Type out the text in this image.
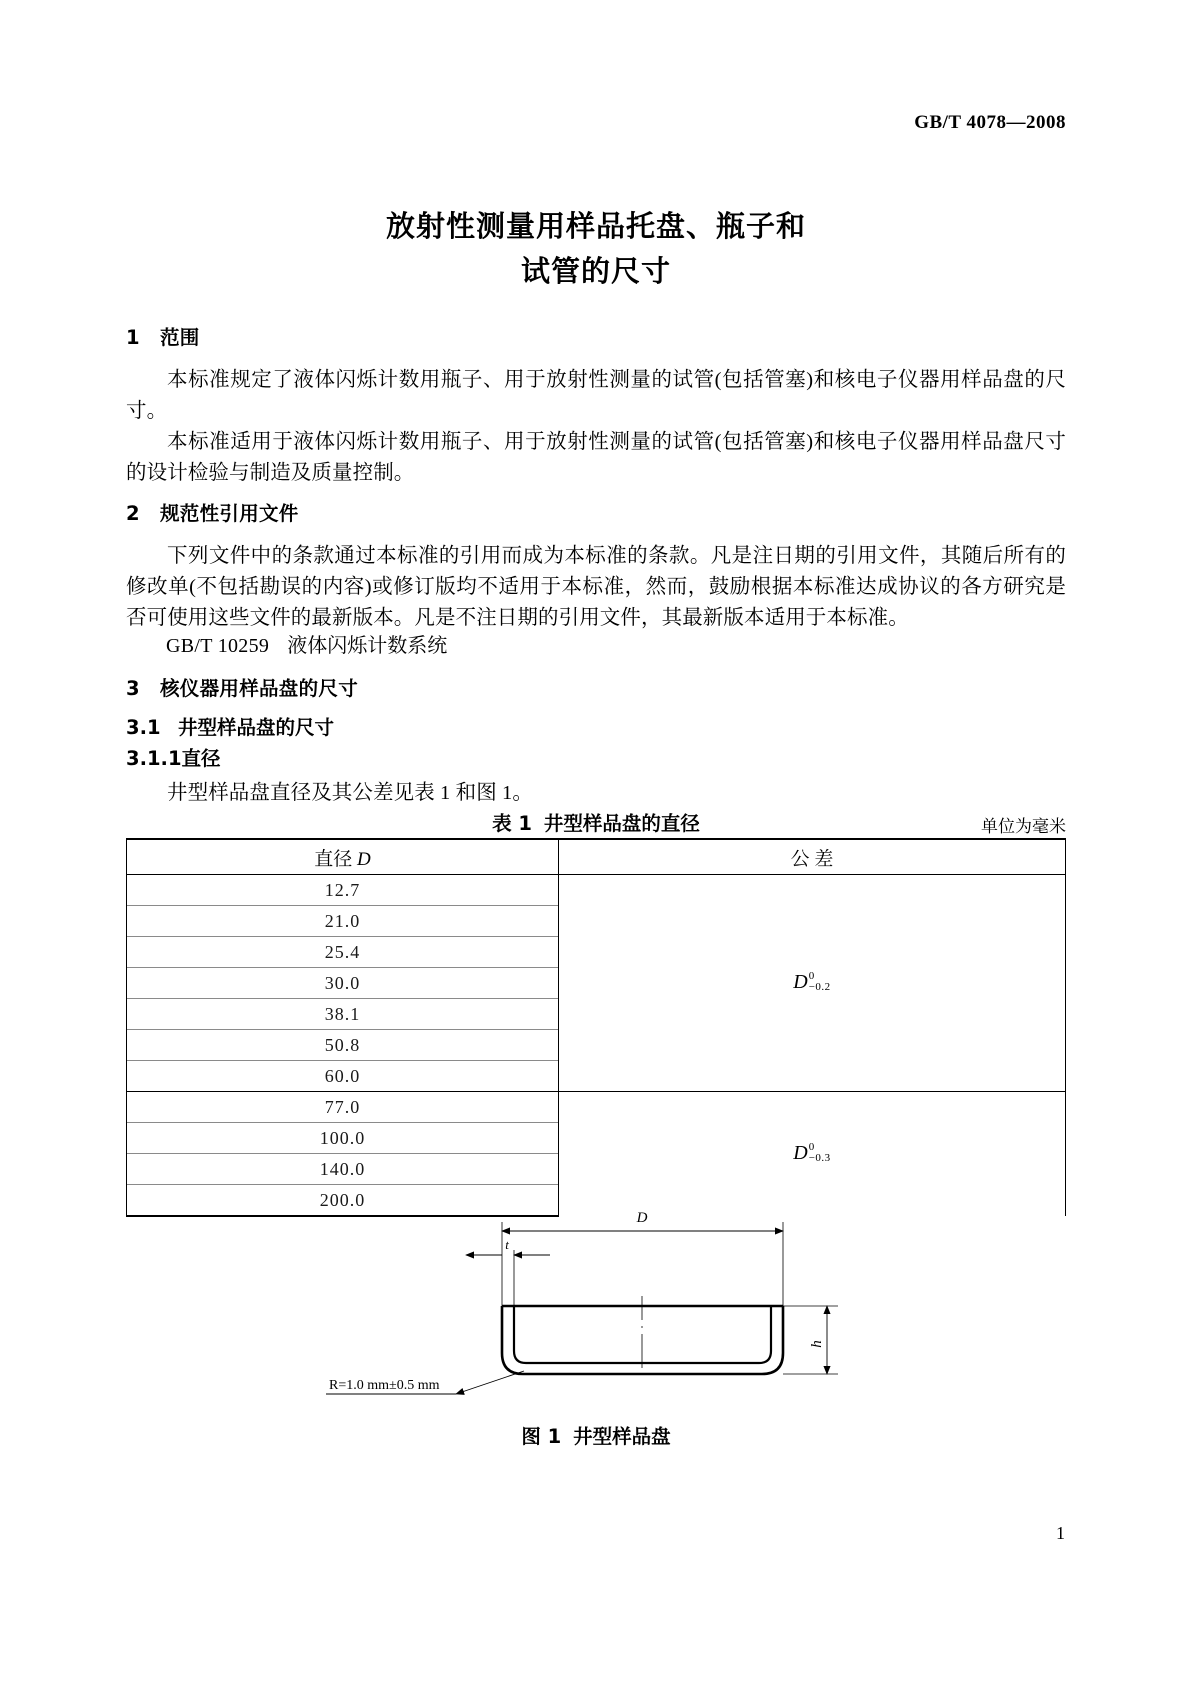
GB/T 4078—2008
放射性测量用样品托盘、瓶子和
试管的尺寸
1 范围

本标准规定了液体闪烁计数用瓶子、用于放射性测量的试管(包括管塞)和核电子仪器用样品盘的尺寸。

本标准适用于液体闪烁计数用瓶子、用于放射性测量的试管(包括管塞)和核电子仪器用样品盘尺寸的设计检验与制造及质量控制。

2 规范性引用文件

下列文件中的条款通过本标准的引用而成为本标准的条款。凡是注日期的引用文件，其随后所有的修改单(不包括勘误的内容)或修订版均不适用于本标准，然而，鼓励根据本标准达成协议的各方研究是否可使用这些文件的最新版本。凡是不注日期的引用文件，其最新版本适用于本标准。

GB/T 10259 液体闪烁计数系统

3 核仪器用样品盘的尺寸
3.1 井型样品盘的尺寸
3.1.1直径

井型样品盘直径及其公差见表 1 和图 1。

表 1 井型样品盘的直径	单位为毫米
直径 D	公 差
12.7	D 0
−0.2

21.0	
25.4	
30.0	
38.1	
50.8	
60.0	
77.0	D 0
−0.3

100.0	
140.0	
200.0	
D
t
h
R=1.0 mm±0.5 mm
图 1 井型样品盘
1
